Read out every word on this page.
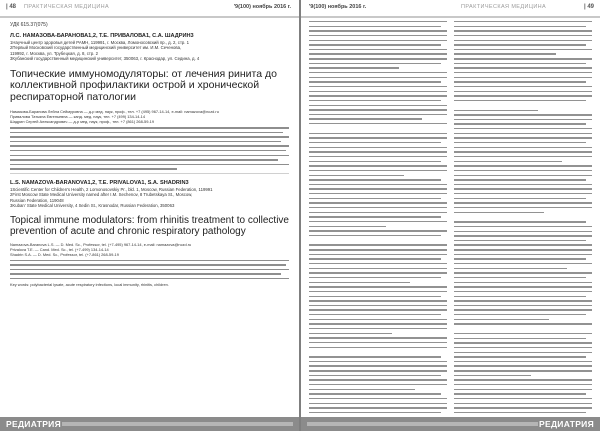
| 48 ПРАКТИЧЕСКАЯ МЕДИЦИНА	'9(100) ноябрь 2016 г.
УДК 615.37(075)
Л.С. НАМАЗОВА-БАРАНОВА1,2, Т.Е. ПРИВАЛОВА1, С.А. ШАДРИН3
1Научный центр здоровья детей РАМН, 119991, г. Москва, Ломоносовский пр., д. 2, стр. 1
2Первый Московский государственный медицинский университет им. И.М. Сеченова,
119992, г. Москва, ул. Трубецкая, д. 8, стр. 2
3Кубанский государственный медицинский университет, 350063, г. Краснодар, ул. Седина, д. 4
Топические иммуномодуляторы: от лечения ринита до коллективной профилактики острой и хронической респираторной патологии
Намазова-Баранова Лейла Сеймуровна — д-р мед. наук, проф., тел. +7 (495) 967-14-14, e-mail: namazova@nczd.ru
Привалова Татьяна Евгеньевна — канд. мед. наук, тел. +7 (499) 134-14-14
Шадрин Сергей Александрович — д-р мед. наук, проф., тел. +7 (861) 268-59-19
L.S. NAMAZOVA-BARANOVA1,2, T.E. PRIVALOVA1, S.A. SHADRIN3
1Scientific Center for Children's Health, 2 Lomonosovskiy Pr., bld. 1, Moscow, Russian Federation, 119991
2First Moscow State Medical University named after I.M. Sechenov, 8 Trubetskaya St., Moscow,
Russian Federation, 119048
3Kuban' State Medical University, 4 Sedin St., Krasnodar, Russian Federation, 350063
Topical immune modulators: from rhinitis treatment to collective prevention of acute and chronic respiratory pathology
Namazova-Baranova L.S. — D. Med. Sc., Professor, tel. (+7-495) 967-14-14, e-mail: namazova@nczd.ru
Privalova T.E. — Cand. Med. Sc., tel. (+7-499) 134-14-14
Shadrin S.A. — D. Med. Sc., Professor, tel. (+7-861) 268-59-19
Key words: polybacterial lysate, acute respiratory infections, local immunity, rhinitis, children.
PEДИАТРИЯ
'9(100) ноябрь 2016 г.	ПРАКТИЧЕСКАЯ МЕДИЦИНА	| 49
PEДИАТРИЯ
